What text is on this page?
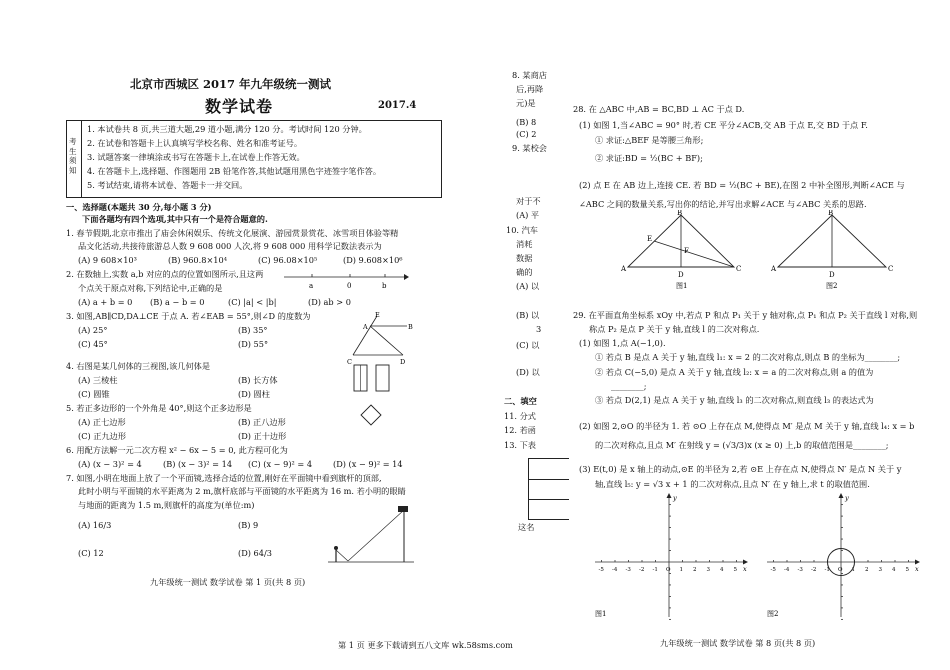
北京市西城区 2017 年九年级统一测试
数学试卷	2017.4
考生须知
1. 本试卷共 8 页,共三道大题,29 道小题,满分 120 分。考试时间 120 分钟。
2. 在试卷和答题卡上认真填写学校名称、姓名和准考证号。
3. 试题答案一律填涂或书写在答题卡上,在试卷上作答无效。
4. 在答题卡上,选择题、作图题用 2B 铅笔作答,其他试题用黑色字迹签字笔作答。
5. 考试结束,请将本试卷、答题卡一并交回。
一、选择题(本题共 30 分,每小题 3 分)
下面各题均有四个选项,其中只有一个是符合题意的.
1. 春节假期,北京市推出了庙会休闲娱乐、传统文化展演、游园赏景赏花、冰雪项目体验等精
品文化活动,共接待旅游总人数 9 608 000 人次,将 9 608 000 用科学记数法表示为
(A) 9 608×10³	(B) 960.8×10⁴	(C) 96.08×10⁵	(D) 9.608×10⁶
2. 在数轴上,实数 a,b 对应的点的位置如图所示,且这两
个点关于原点对称,下列结论中,正确的是	a	0	b
(A) a + b = 0 (B) a − b = 0	(C) |a| < |b|	(D) ab > 0
3. 如图,AB∥CD,DA⊥CE 于点 A. 若∠EAB = 55°,则∠D 的度数为
(A) 25°	(B) 35°
(C) 45°	(D) 55°
E
A	B
C	D
4. 右图是某几何体的三视图,该几何体是
(A) 三棱柱	(B) 长方体
(C) 圆锥	(D) 圆柱
5. 若正多边形的一个外角是 40°,则这个正多边形是
(A) 正七边形	(B) 正八边形
(C) 正九边形	(D) 正十边形
6. 用配方法解一元二次方程 x² − 6x − 5 = 0, 此方程可化为
(A) (x − 3)² = 4	(B) (x − 3)² = 14 (C) (x − 9)² = 4	(D) (x − 9)² = 14
7. 如图,小明在地面上放了一个平面镜,选择合适的位置,刚好在平面镜中看到旗杆的顶部,
此时小明与平面镜的水平距离为 2 m,旗杆底部与平面镜的水平距离为 16 m. 若小明的眼睛
与地面的距离为 1.5 m,则旗杆的高度为(单位:m)
(A) 16/3	(B) 9
(C) 12	(D) 64/3
九年级统一测试 数学试卷 第 1 页(共 8 页)
8. 某商店
后,再降
元)是
(B) 8
(C) 2
9. 某校会
对于不
(A) 平
10. 汽车
消耗
数据
确的
(A) 以
(B) 以
3
(C) 以
(D) 以
二、填空
11. 分式
12. 若函
13. 下表
这名
28. 在 △ABC 中,AB = BC,BD ⊥ AC 于点 D.
(1) 如图 1,当∠ABC = 90° 时,若 CE 平分∠ACB,交 AB 于点 E,交 BD 于点 F.
① 求证:△BEF 是等腰三角形;
② 求证:BD = ½(BC + BF);
(2) 点 E 在 AB 边上,连接 CE. 若 BD = ½(BC + BE),在图 2 中补全图形,判断∠ACE 与
∠ABC 之间的数量关系,写出你的结论,并写出求解∠ACE 与∠ABC 关系的思路.
A
B
C
D
E
F
图1
A
B
C
D
图2
29. 在平面直角坐标系 xOy 中,若点 P 和点 P₁ 关于 y 轴对称,点 P₁ 和点 P₂ 关于直线 l 对称,则
称点 P₂ 是点 P 关于 y 轴,直线 l 的二次对称点.
(1) 如图 1,点 A(−1,0).
① 若点 B 是点 A 关于 y 轴,直线 l₁: x = 2 的二次对称点,则点 B 的坐标为________;
② 若点 C(−5,0) 是点 A 关于 y 轴,直线 l₂: x = a 的二次对称点,则 a 的值为
________;
③ 若点 D(2,1) 是点 A 关于 y 轴,直线 l₃ 的二次对称点,则直线 l₃ 的表达式为
(2) 如图 2,⊙O 的半径为 1. 若 ⊙O 上存在点 M,使得点 M′ 是点 M 关于 y 轴,直线 l₄: x = b
的二次对称点,且点 M′ 在射线 y = (√3/3)x (x ≥ 0) 上,b 的取值范围是________;
(3) E(t,0) 是 x 轴上的动点,⊙E 的半径为 2,若 ⊙E 上存在点 N,使得点 N′ 是点 N 关于 y
轴,直线 l₅: y = √3 x + 1 的二次对称点,且点 N′ 在 y 轴上,求 t 的取值范围.
-5 -4 -3 -2 -1 O 1 2 3 4 5 x
y
图1
-5 -4 -3 -2 -1 O 1 2 3 4 5 x
y
图2
九年级统一测试 数学试卷 第 8 页(共 8 页)
第 1 页 更多下载请到五八文库 wk.58sms.com
